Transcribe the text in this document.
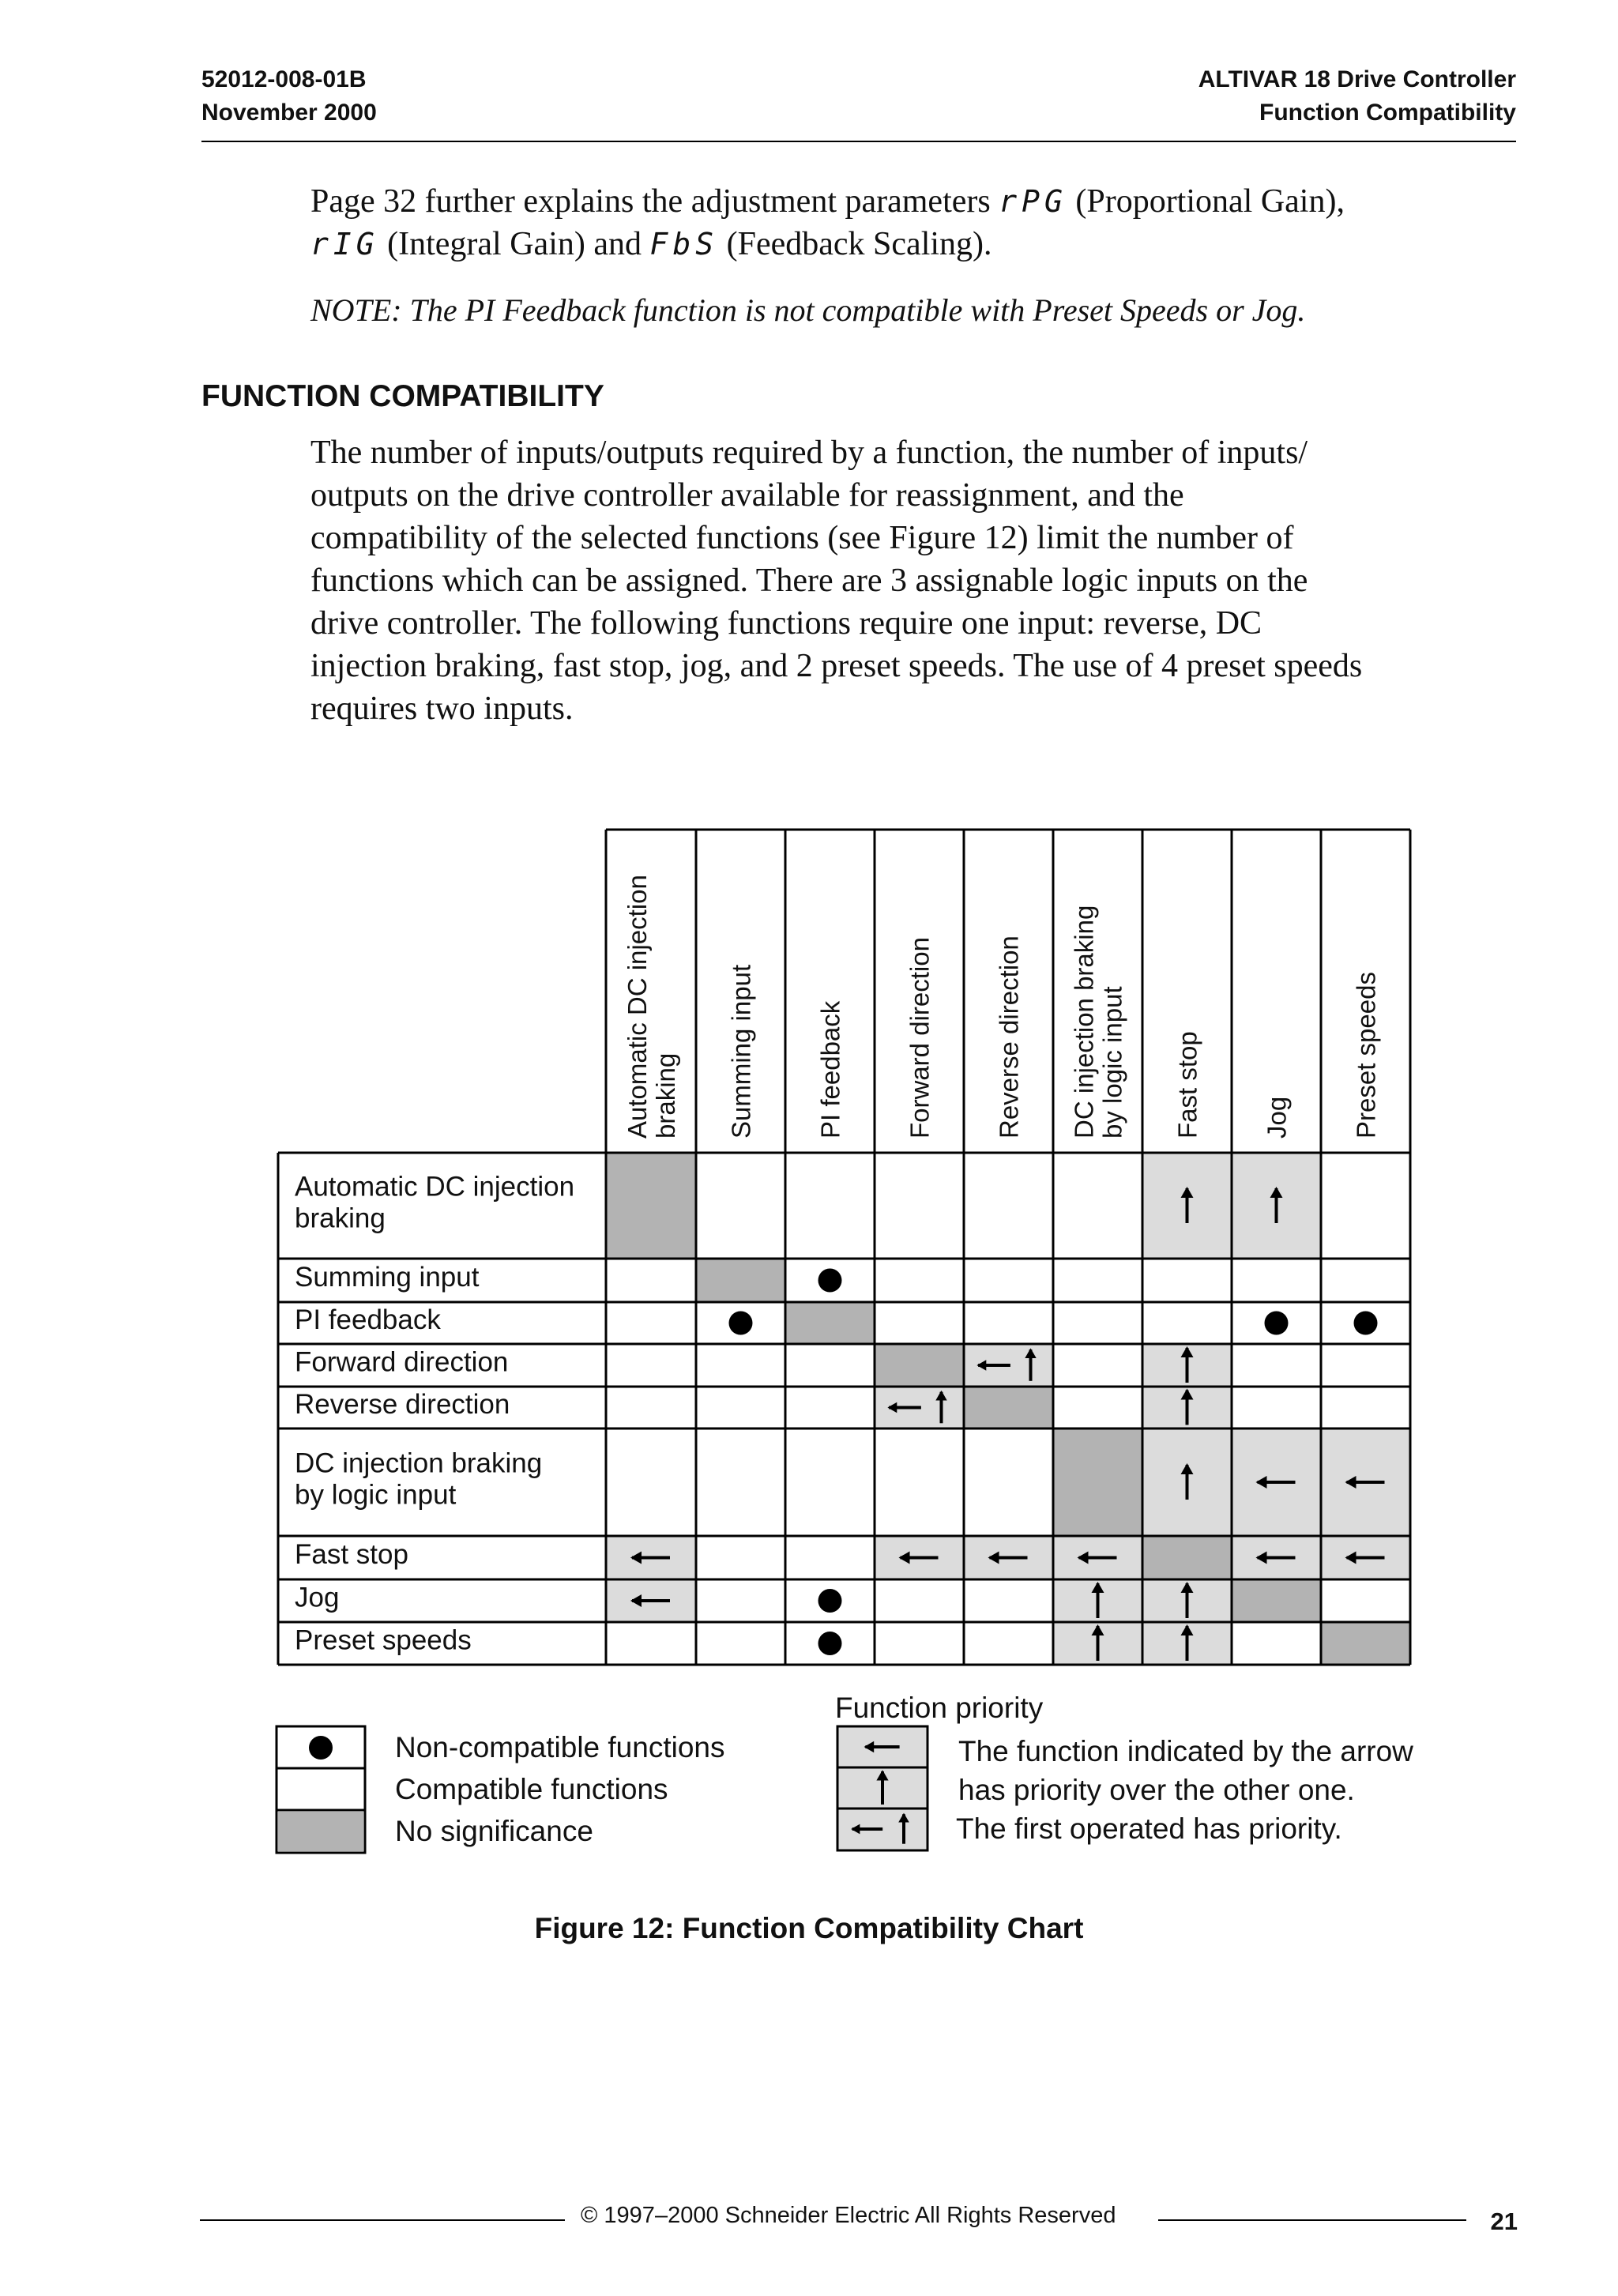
52012-008-01B
November 2000
ALTIVAR 18 Drive Controller
Function Compatibility
Page 32 further explains the adjustment parameters rPG (Proportional Gain),
rIG (Integral Gain) and FbS (Feedback Scaling).
NOTE: The PI Feedback function is not compatible with Preset Speeds or Jog.
FUNCTION COMPATIBILITY
The number of inputs/outputs required by a function, the number of inputs/
outputs on the drive controller available for reassignment, and the
compatibility of the selected functions (see Figure 12) limit the number of
functions which can be assigned. There are 3 assignable logic inputs on the
drive controller. The following functions require one input: reverse, DC
injection braking, fast stop, jog, and 2 preset speeds. The use of 4 preset speeds
requires two inputs.
Automatic DC injection braking Summing input PI feedback Forward direction Reverse direction DC injection braking by logic input Fast stop Jog Preset speeds
Automatic DC injection
braking
Summing input
PI feedback
Forward direction
Reverse direction
DC injection braking
by logic input
Fast stop
Jog
Preset speeds
Non-compatible functions
Compatible functions
No significance
Function priority
The function indicated by the arrow
has priority over the other one.
The first operated has priority.
Figure 12: Function Compatibility Chart
© 1997–2000 Schneider Electric All Rights Reserved	21
